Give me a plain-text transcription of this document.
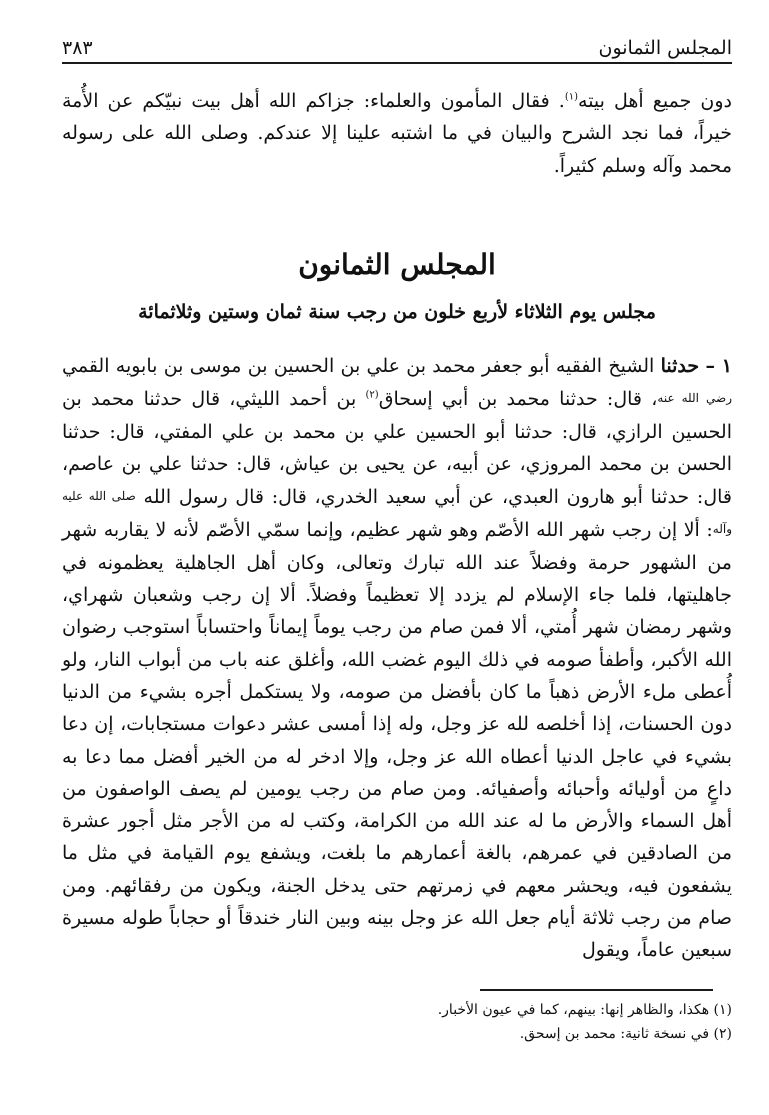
المجلس الثمانون
٣٨٣

دون جميع أهل بيته$^{(١)}$. فقال المأمون والعلماء: جزاكم الله أهل بيت نبيّكم عن الأُمة خيراً، فما نجد الشرح والبيان في ما اشتبه علينا إلا عندكم. وصلى الله على رسوله محمد وآله وسلم كثيراً.

المجلس الثمانون
مجلس يوم الثلاثاء لأربع خلون من رجب سنة ثمان وستين وثلاثمائة

١ – حدثنا الشيخ الفقيه أبو جعفر محمد بن علي بن الحسين بن موسى بن بابويه القمي رضي الله عنه، قال: حدثنا محمد بن أبي إسحاق$^{(٢)}$ بن أحمد الليثي، قال حدثنا محمد بن الحسين الرازي، قال: حدثنا أبو الحسين علي بن محمد بن علي المفتي، قال: حدثنا الحسن بن محمد المروزي، عن أبيه، عن يحيى بن عياش، قال: حدثنا علي بن عاصم، قال: حدثنا أبو هارون العبدي، عن أبي سعيد الخدري، قال: قال رسول الله صلى الله عليه وآله: ألا إن رجب شهر الله الأصّم وهو شهر عظيم، وإنما سمّي الأصّم لأنه لا يقاربه شهر من الشهور حرمة وفضلاً عند الله تبارك وتعالى، وكان أهل الجاهلية يعظمونه في جاهليتها، فلما جاء الإسلام لم يزدد إلا تعظيماً وفضلاً. ألا إن رجب وشعبان شهراي، وشهر رمضان شهر أُمتي، ألا فمن صام من رجب يوماً إيماناً واحتساباً استوجب رضوان الله الأكبر، وأطفأ صومه في ذلك اليوم غضب الله، وأغلق عنه باب من أبواب النار، ولو أُعطى ملء الأرض ذهباً ما كان بأفضل من صومه، ولا يستكمل أجره بشيء من الدنيا دون الحسنات، إذا أخلصه لله عز وجل، وله إذا أمسى عشر دعوات مستجابات، إن دعا بشيء في عاجل الدنيا أعطاه الله عز وجل، وإلا ادخر له من الخير أفضل مما دعا به داعٍ من أوليائه وأحبائه وأصفيائه. ومن صام من رجب يومين لم يصف الواصفون من أهل السماء والأرض ما له عند الله من الكرامة، وكتب له من الأجر مثل أجور عشرة من الصادقين في عمرهم، بالغة أعمارهم ما بلغت، ويشفع يوم القيامة في مثل ما يشفعون فيه، ويحشر معهم في زمرتهم حتى يدخل الجنة، ويكون من رفقائهم. ومن صام من رجب ثلاثة أيام جعل الله عز وجل بينه وبين النار خندقاً أو حجاباً طوله مسيرة سبعين عاماً، ويقول

(١) هكذا، والظاهر إنها: بينهم، كما في عيون الأخبار.

(٢) في نسخة ثانية: محمد بن إسحق.
